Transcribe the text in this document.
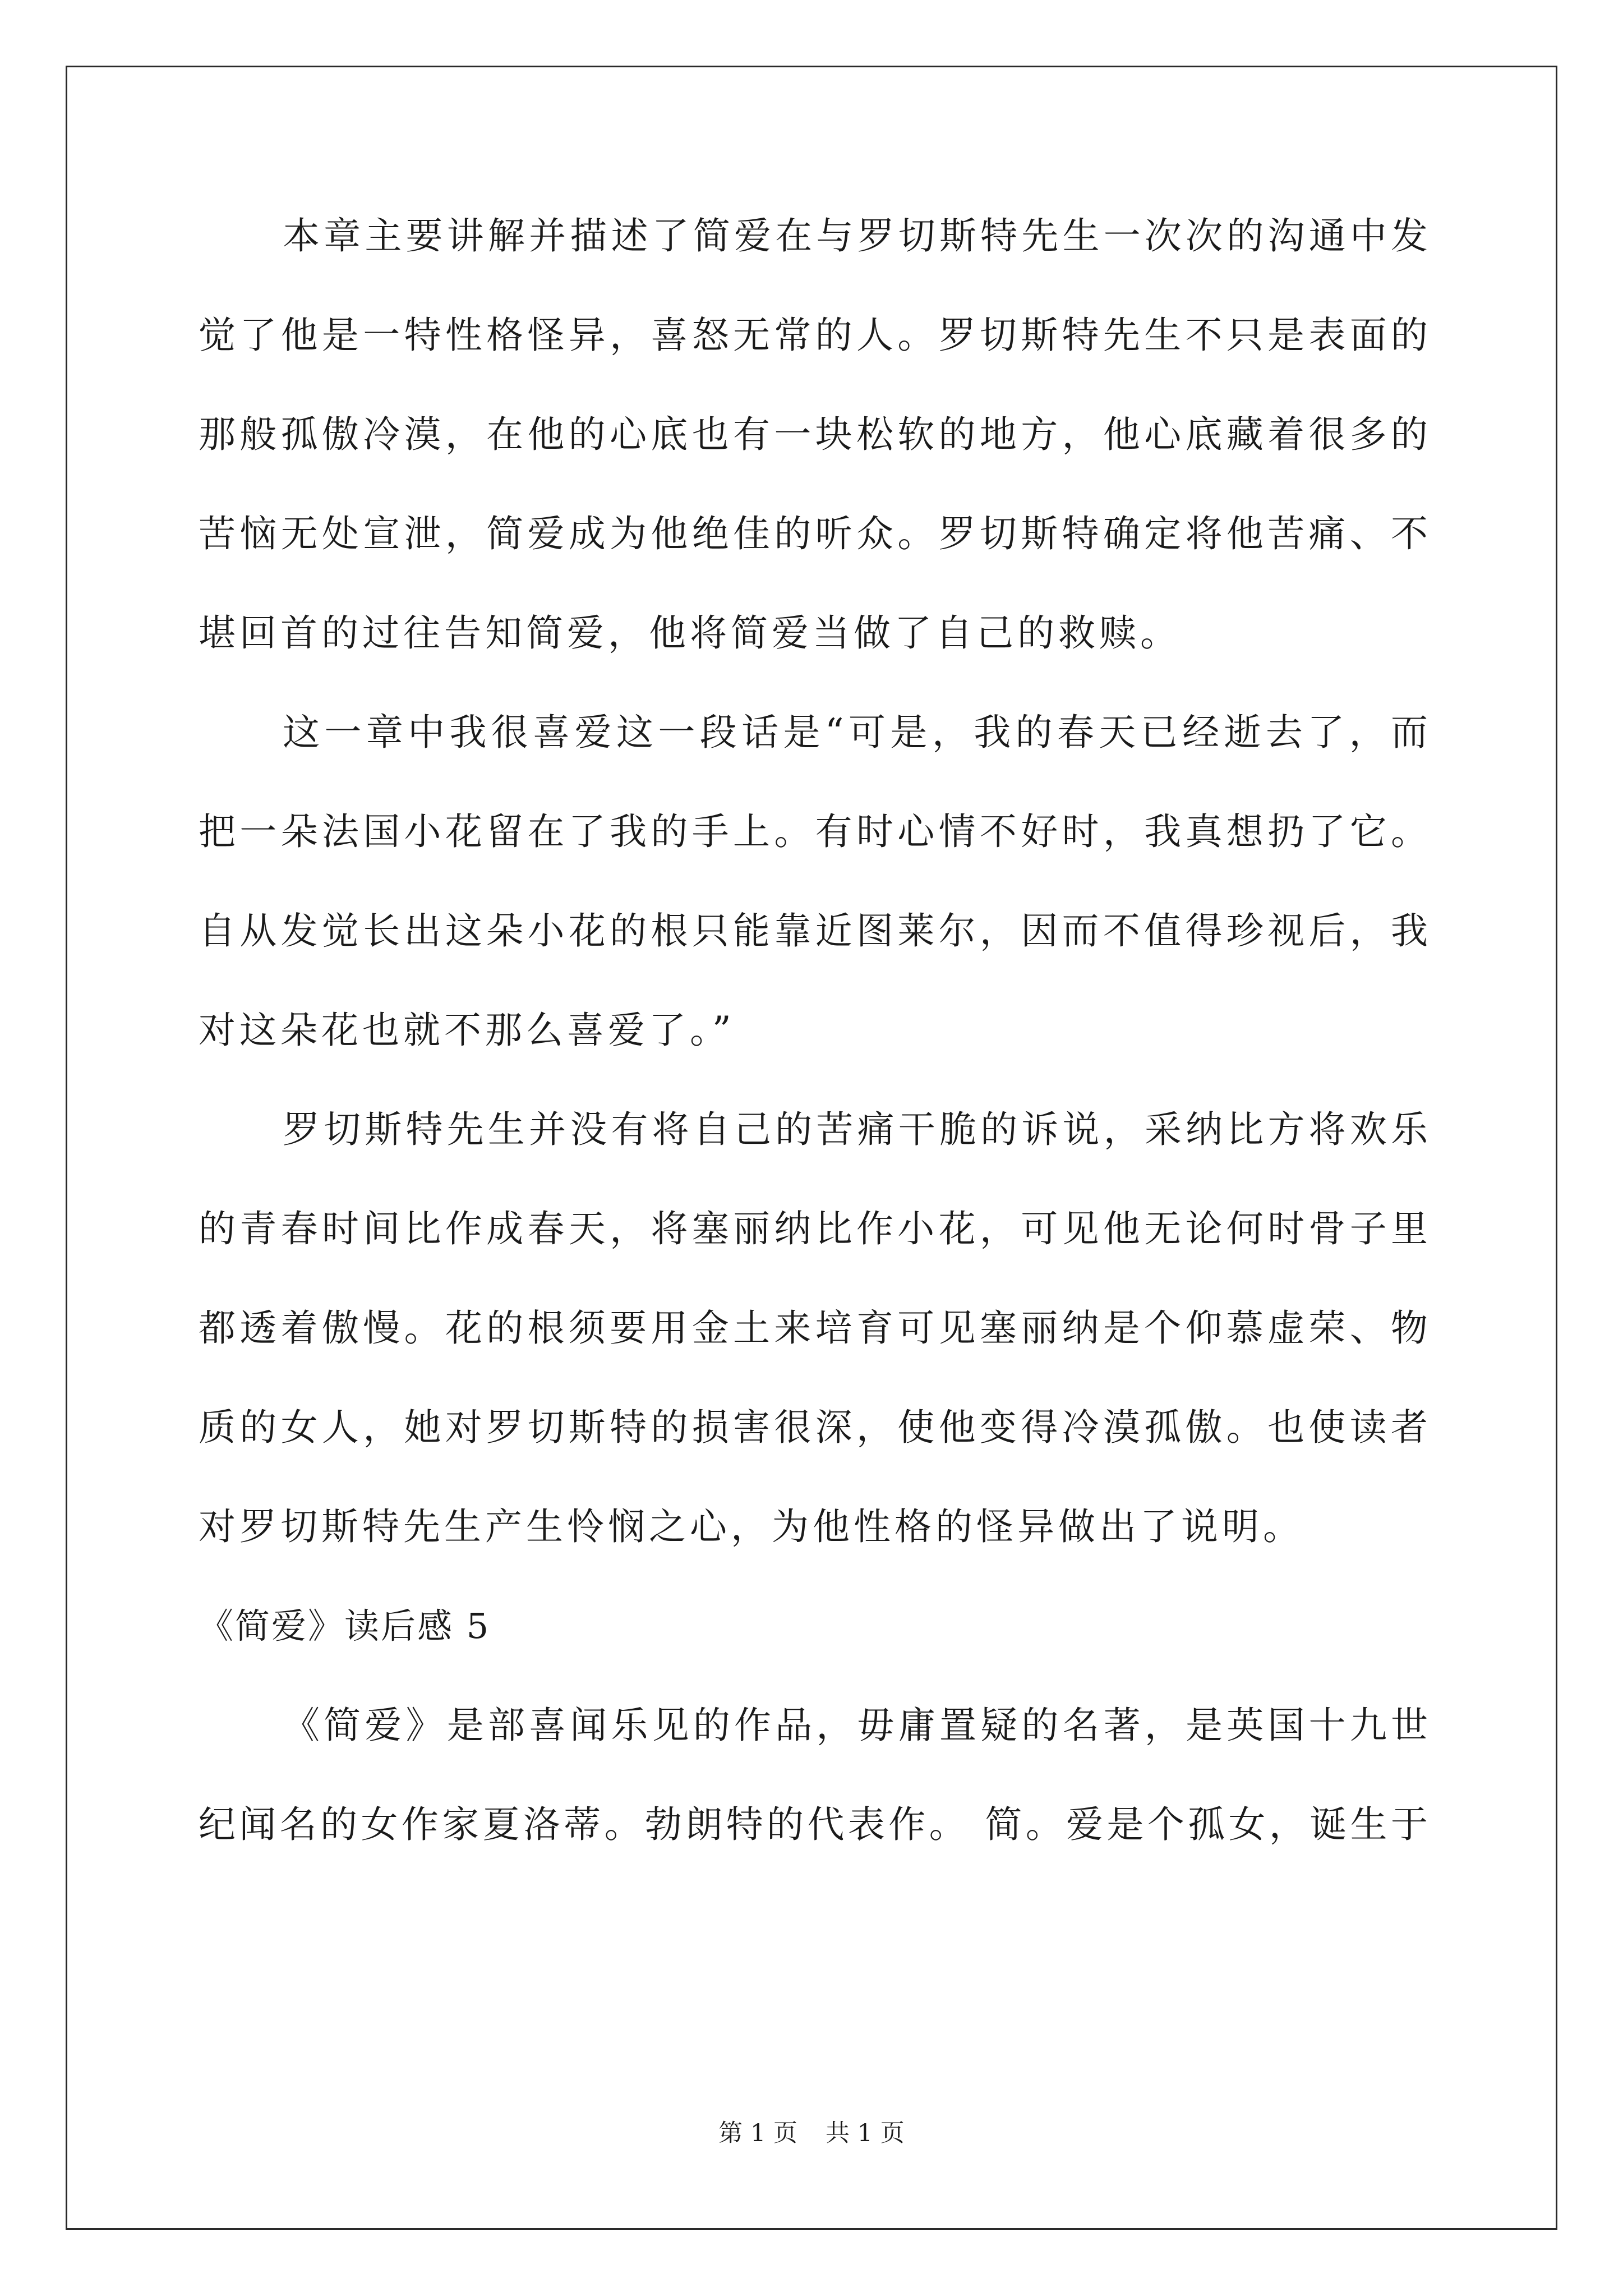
本章主要讲解并描述了简爱在与罗切斯特先生一次次的沟通中发
觉了他是一特性格怪异，喜怒无常的人。罗切斯特先生不只是表面的
那般孤傲冷漠，在他的心底也有一块松软的地方，他心底藏着很多的
苦恼无处宣泄，简爱成为他绝佳的听众。罗切斯特确定将他苦痛、不
堪回首的过往告知简爱，他将简爱当做了自己的救赎。
这一章中我很喜爱这一段话是“可是，我的春天已经逝去了，而
把一朵法国小花留在了我的手上。有时心情不好时，我真想扔了它。
自从发觉长出这朵小花的根只能靠近图莱尔，因而不值得珍视后，我
对这朵花也就不那么喜爱了。”
罗切斯特先生并没有将自己的苦痛干脆的诉说，采纳比方将欢乐
的青春时间比作成春天，将塞丽纳比作小花，可见他无论何时骨子里
都透着傲慢。花的根须要用金土来培育可见塞丽纳是个仰慕虚荣、物
质的女人，她对罗切斯特的损害很深，使他变得冷漠孤傲。也使读者
对罗切斯特先生产生怜悯之心，为他性格的怪异做出了说明。
《简爱》读后感 5
《简爱》是部喜闻乐见的作品，毋庸置疑的名著，是英国十九世
纪闻名的女作家夏洛蒂。勃朗特的代表作。 简。爱是个孤女，诞生于
第 1 页 共 1 页
